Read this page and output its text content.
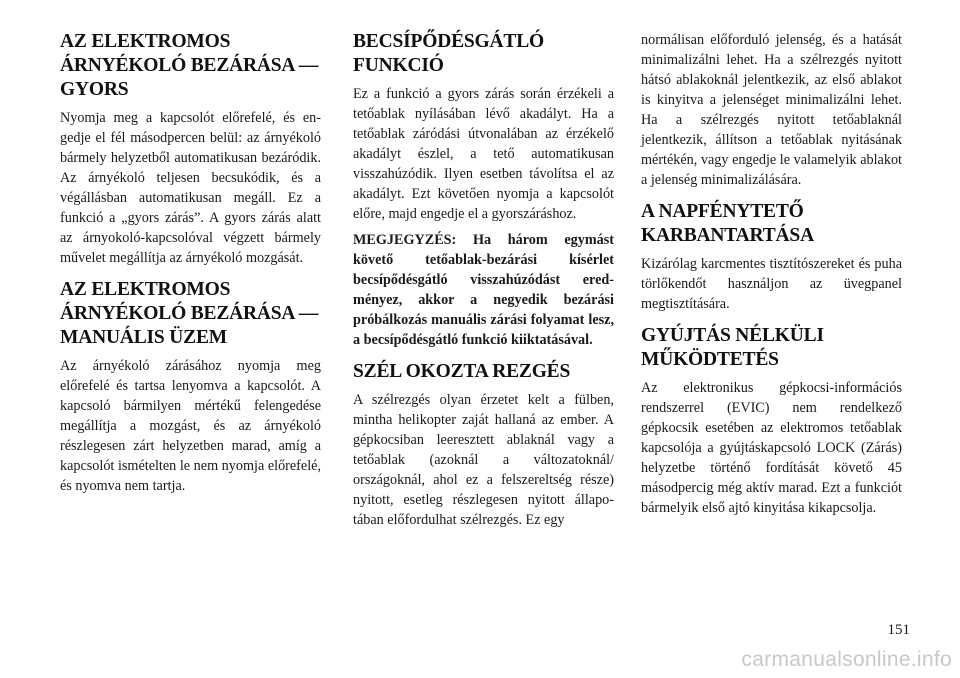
AZ ELEKTROMOS ÁRNYÉKOLÓ BEZÁRÁSA — GYORS

Nyomja meg a kapcsolót előrefelé, és engedje el fél másodpercen belül: az árnyékoló bármely helyzetből automatikusan bezáródik. Az árnyékoló teljesen becsukódik, és a végállásban automatikusan megáll. Ez a funkció a „gyors zárás”. A gyors zárás alatt az árnyokoló-kapcsolóval végzett bármely művelet megállítja az árnyékoló mozgását.

AZ ELEKTROMOS ÁRNYÉKOLÓ BEZÁRÁSA — MANUÁLIS ÜZEM

Az árnyékoló zárásához nyomja meg előrefelé és tartsa lenyomva a kapcsolót. A kapcsoló bármilyen mértékű felengedése megállítja a mozgást, és az árnyékoló részlegesen zárt helyzetben marad, amíg a kapcsolót ismételten le nem nyomja előrefelé, és nyomva nem tartja.

BECSÍPŐDÉSGÁTLÓ FUNKCIÓ

Ez a funkció a gyors zárás során érzékeli a tetőablak nyílásában lévő akadályt. Ha a tetőablak záródási útvonalában az érzékelő akadályt észlel, a tető automatikusan visszahúzódik. Ilyen esetben távolítsa el az akadályt. Ezt követően nyomja a kapcsolót előre, majd engedje el a gyorszáráshoz.

MEGJEGYZÉS: Ha három egymást követő tetőablak-bezárási kísérlet becsípődésgátló visszahúzódást eredményez, akkor a negyedik bezárási próbálkozás manuális zárási folyamat lesz, a becsípődésgátló funkció kiiktatásával.

SZÉL OKOZTA REZGÉS

A szélrezgés olyan érzetet kelt a fülben, mintha helikopter zaját hallaná az ember. A gépkocsiban leeresztett ablaknál vagy a tetőablak (azoknál a változatoknál/ országoknál, ahol ez a felszereltség része) nyitott, esetleg részlegesen nyitott állapotában előfordulhat szélrezgés. Ez egy

normálisan előforduló jelenség, és a hatását minimalizálni lehet. Ha a szélrezgés nyitott hátsó ablakoknál jelentkezik, az első ablakot is kinyitva a jelenséget minimalizálni lehet. Ha a szélrezgés nyitott tetőablaknál jelentkezik, állítson a tetőablak nyitásának mértékén, vagy engedje le valamelyik ablakot a jelenség minimalizálására.

A NAPFÉNYTETŐ KARBANTARTÁSA

Kizárólag karcmentes tisztítószereket és puha törlőkendőt használjon az üvegpanel megtisztítására.

GYÚJTÁS NÉLKÜLI MŰKÖDTETÉS

Az elektronikus gépkocsi-információs rendszerrel (EVIC) nem rendelkező gépkocsik esetében az elektromos tetőablak kapcsolója a gyújtáskapcsoló LOCK (Zárás) helyzetbe történő fordítását követő 45 másodpercig még aktív marad. Ezt a funkciót bármelyik első ajtó kinyitása kikapcsolja.

151
carmanualsonline.info
